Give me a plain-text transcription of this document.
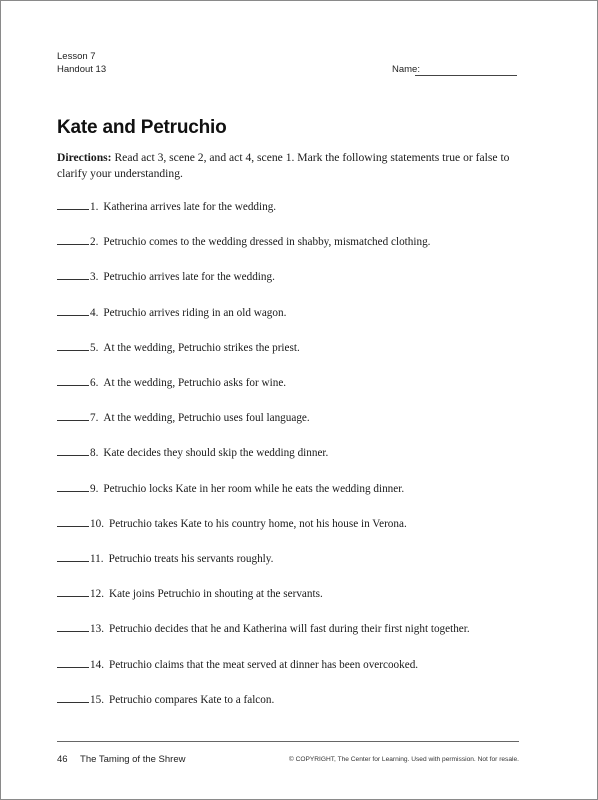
Lesson 7
Handout 13	Name:
Kate and Petruchio
Directions: Read act 3, scene 2, and act 4, scene 1. Mark the following statements true or false to clarify your understanding.
1. Katherina arrives late for the wedding.
2. Petruchio comes to the wedding dressed in shabby, mismatched clothing.
3. Petruchio arrives late for the wedding.
4. Petruchio arrives riding in an old wagon.
5. At the wedding, Petruchio strikes the priest.
6. At the wedding, Petruchio asks for wine.
7. At the wedding, Petruchio uses foul language.
8. Kate decides they should skip the wedding dinner.
9. Petruchio locks Kate in her room while he eats the wedding dinner.
10. Petruchio takes Kate to his country home, not his house in Verona.
11. Petruchio treats his servants roughly.
12. Kate joins Petruchio in shouting at the servants.
13. Petruchio decides that he and Katherina will fast during their first night together.
14. Petruchio claims that the meat served at dinner has been overcooked.
15. Petruchio compares Kate to a falcon.
46 The Taming of the Shrew	© COPYRIGHT, The Center for Learning. Used with permission. Not for resale.
